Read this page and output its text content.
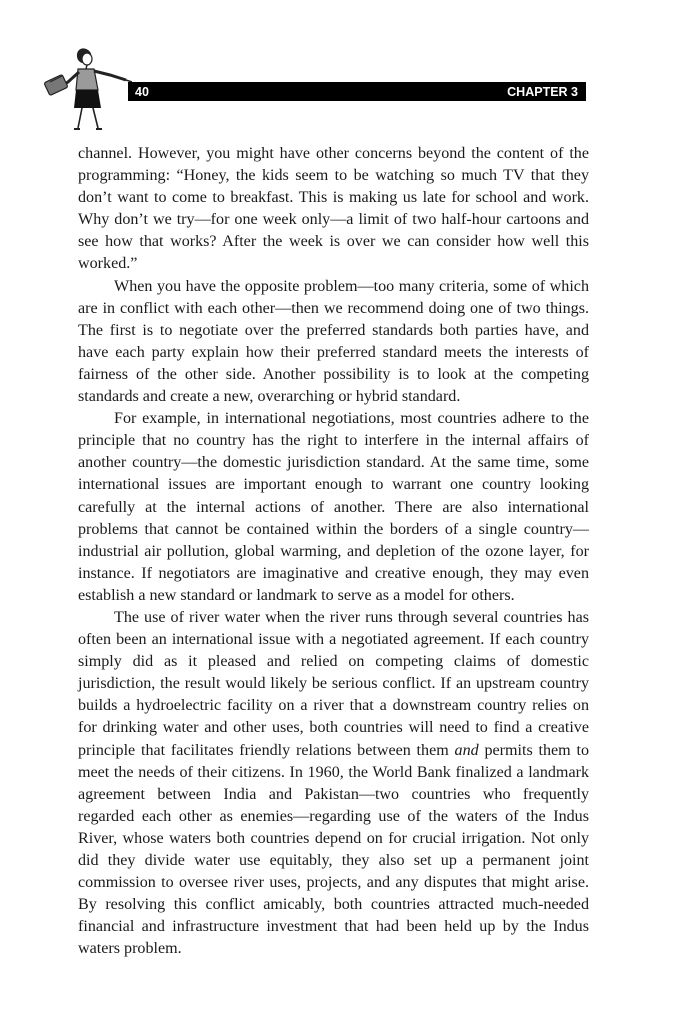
40	CHAPTER 3

channel. However, you might have other concerns beyond the content of the programming: “Honey, the kids seem to be watching so much TV that they don’t want to come to breakfast. This is making us late for school and work. Why don’t we try—for one week only—a limit of two half-hour cartoons and see how that works? After the week is over we can consider how well this worked.”

When you have the opposite problem—too many criteria, some of which are in conflict with each other—then we recommend doing one of two things. The first is to negotiate over the preferred standards both parties have, and have each party explain how their preferred standard meets the interests of fairness of the other side. Another possibility is to look at the competing standards and create a new, overarching or hybrid standard.

For example, in international negotiations, most countries adhere to the principle that no country has the right to interfere in the internal affairs of another country—the domestic jurisdiction standard. At the same time, some international issues are important enough to warrant one country looking carefully at the internal actions of another. There are also international problems that cannot be contained within the borders of a single country—industrial air pollution, global warming, and depletion of the ozone layer, for instance. If negotiators are imaginative and creative enough, they may even establish a new standard or landmark to serve as a model for others.

The use of river water when the river runs through several countries has often been an international issue with a negotiated agreement. If each country simply did as it pleased and relied on competing claims of domestic jurisdiction, the result would likely be serious conflict. If an upstream country builds a hydroelectric facility on a river that a downstream country relies on for drinking water and other uses, both countries will need to find a creative principle that facilitates friendly relations between them and permits them to meet the needs of their citizens. In 1960, the World Bank finalized a landmark agreement between India and Pakistan—two countries who frequently regarded each other as enemies—regarding use of the waters of the Indus River, whose waters both countries depend on for crucial irrigation. Not only did they divide water use equitably, they also set up a permanent joint commission to oversee river uses, projects, and any disputes that might arise. By resolving this conflict amicably, both countries attracted much-needed financial and infrastructure investment that had been held up by the Indus waters problem.
